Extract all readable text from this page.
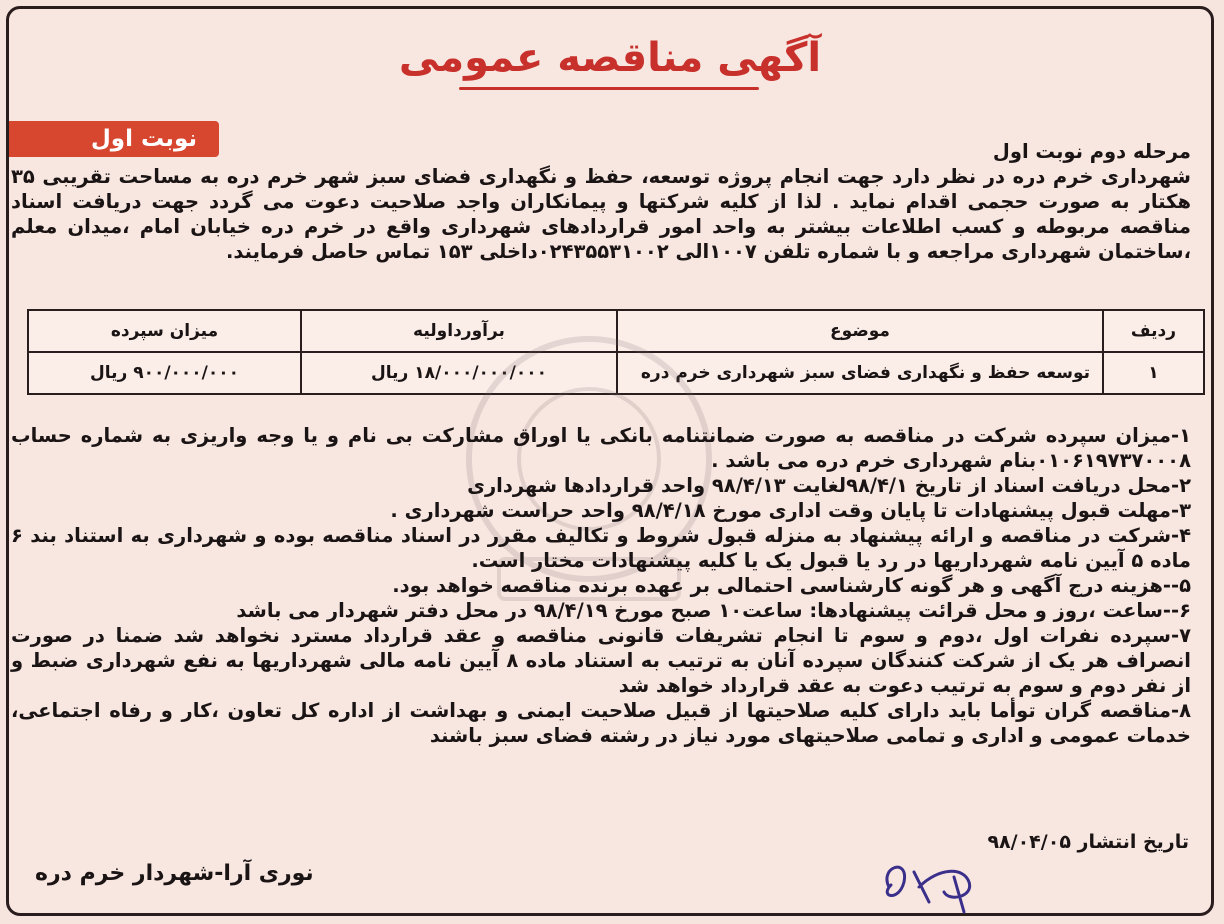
آگهی مناقصه عمومی
نوبت اول	مرحله دوم نوبت اول
شهرداری خرم دره در نظر دارد جهت انجام پروژه توسعه، حفظ و نگهداری فضای سبز شهر خرم دره به مساحت تقریبی ۳۵ هکتار به صورت حجمی اقدام نماید . لذا از کلیه شرکتها و پیمانکاران واجد صلاحیت دعوت می گردد جهت دریافت اسناد مناقصه مربوطه و کسب اطلاعات بیشتر به واحد امور قراردادهای شهرداری واقع در خرم دره خیابان امام ،میدان معلم ،ساختمان شهرداری مراجعه و با شماره تلفن ۱۰۰۷الی ۰۲۴۳۵۵۳۱۰۰۲داخلی ۱۵۳ تماس حاصل فرمایند.
ردیف	موضوع	برآورداولیه	میزان سپرده
۱	توسعه حفظ و نگهداری فضای سبز شهرداری خرم دره	۱۸/۰۰۰/۰۰۰/۰۰۰ ریال	۹۰۰/۰۰۰/۰۰۰ ریال

۱-میزان سپرده شرکت در مناقصه به صورت ضمانتنامه بانکی یا اوراق مشارکت بی نام و یا وجه واریزی به شماره حساب ۰۱۰۶۱۹۷۳۷۰۰۰۸بنام شهرداری خرم دره می باشد .

۲-محل دریافت اسناد از تاریخ ۹۸/۴/۱لغایت ۹۸/۴/۱۳ واحد قراردادها شهرداری

۳-مهلت قبول پیشنهادات تا پایان وقت اداری مورخ ۹۸/۴/۱۸ واحد حراست شهرداری .

۴-شرکت در مناقصه و ارائه پیشنهاد به منزله قبول شروط و تکالیف مقرر در اسناد مناقصه بوده و شهرداری به استناد بند ۶ ماده ۵ آیین نامه شهرداریها در رد یا قبول یک یا کلیه پیشنهادات مختار است.

۵--هزینه درج آگهی و هر گونه کارشناسی احتمالی بر عهده برنده مناقصه خواهد بود.

۶--ساعت ،روز و محل قرائت پیشنهادها: ساعت۱۰ صبح مورخ ۹۸/۴/۱۹ در محل دفتر شهردار می باشد

۷-سپرده نفرات اول ،دوم و سوم تا انجام تشریفات قانونی مناقصه و عقد قرارداد مسترد نخواهد شد ضمنا در صورت انصراف هر یک از شرکت کنندگان سپرده آنان به ترتیب به استناد ماده ۸ آیین نامه مالی شهرداریها به نفع شهرداری ضبط و از نفر دوم و سوم به ترتیب دعوت به عقد قرارداد خواهد شد

۸-مناقصه گران توأما باید دارای کلیه صلاحیتها از قبیل صلاحیت ایمنی و بهداشت از اداره کل تعاون ،کار و رفاه اجتماعی، خدمات عمومی و اداری و تمامی صلاحیتهای مورد نیاز در رشته فضای سبز باشند

تاریخ انتشار ۹۸/۰۴/۰۵
نوری آرا-شهردار خرم دره
